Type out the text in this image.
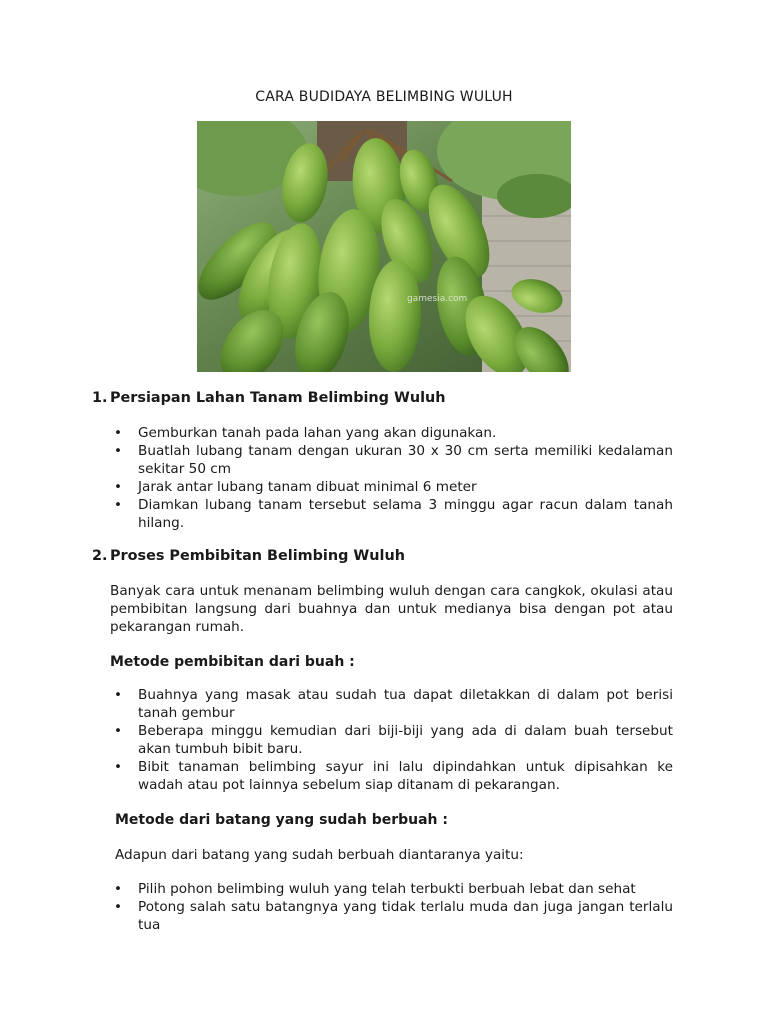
CARA BUDIDAYA BELIMBING WULUH
gamesia.com
1. Persiapan Lahan Tanam Belimbing Wuluh
• Gemburkan tanah pada lahan yang akan digunakan.
• Buatlah lubang tanam dengan ukuran 30 x 30 cm serta memiliki kedalaman sekitar 50 cm
• Jarak antar lubang tanam dibuat minimal 6 meter
• Diamkan lubang tanam tersebut selama 3 minggu agar racun dalam tanah hilang.
2. Proses Pembibitan Belimbing Wuluh
Banyak cara untuk menanam belimbing wuluh dengan cara cangkok, okulasi atau pembibitan langsung dari buahnya dan untuk medianya bisa dengan pot atau pekarangan rumah.
Metode pembibitan dari buah :
• Buahnya yang masak atau sudah tua dapat diletakkan di dalam pot berisi tanah gembur
• Beberapa minggu kemudian dari biji-biji yang ada di dalam buah tersebut akan tumbuh bibit baru.
• Bibit tanaman belimbing sayur ini lalu dipindahkan untuk dipisahkan ke wadah atau pot lainnya sebelum siap ditanam di pekarangan.
Metode dari batang yang sudah berbuah :
Adapun dari batang yang sudah berbuah diantaranya yaitu:
• Pilih pohon belimbing wuluh yang telah terbukti berbuah lebat dan sehat
• Potong salah satu batangnya yang tidak terlalu muda dan juga jangan terlalu tua
